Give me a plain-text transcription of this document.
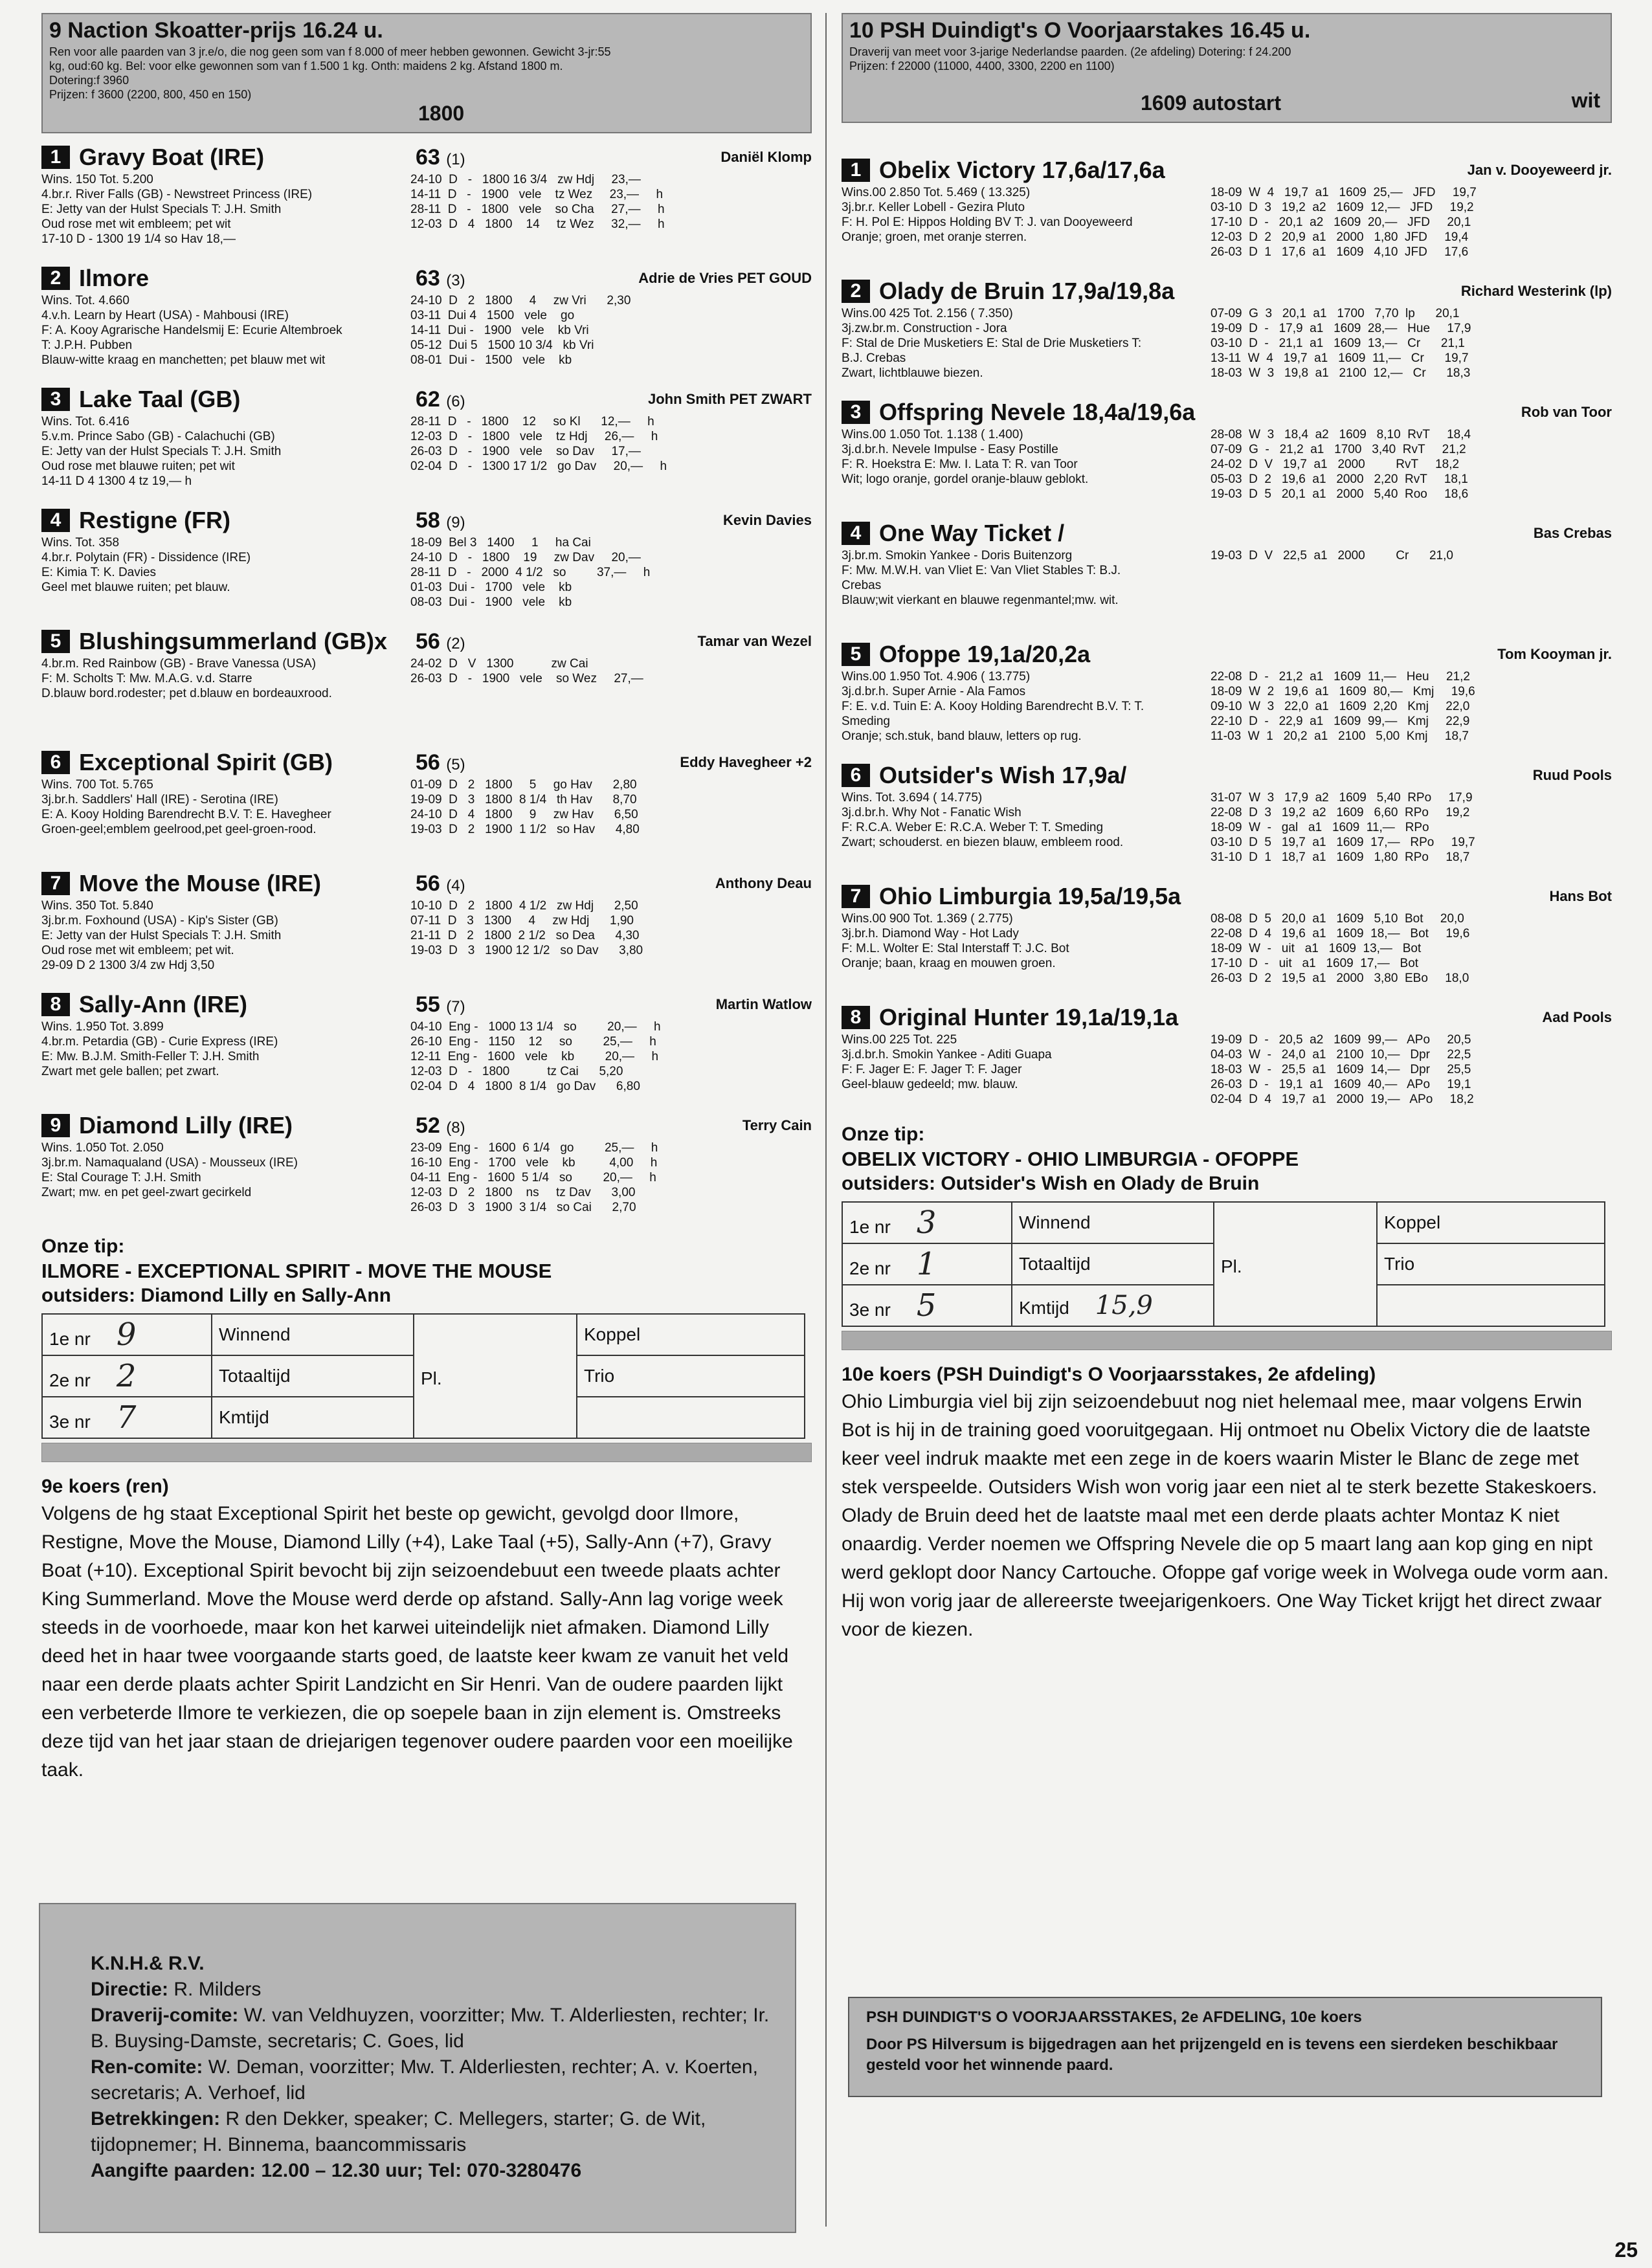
9 Naction Skoatter-prijs 16.24 u.
Ren voor alle paarden van 3 jr.e/o, die nog geen som van f 8.000 of meer hebben gewonnen. Gewicht 3-jr:55
kg, oud:60 kg. Bel: voor elke gewonnen som van f 1.500 1 kg. Onth: maidens 2 kg. Afstand 1800 m.
Dotering:f 3960
Prijzen: f 3600 (2200, 800, 450 en 150)
1800
1 Gravy Boat (IRE)	63 (1)	Daniël Klomp
Wins. 150 Tot. 5.200
4.br.r. River Falls (GB) - Newstreet Princess (IRE)
E: Jetty van der Hulst Specials T: J.H. Smith
Oud rose met wit embleem; pet wit
17-10 D - 1300 19 1/4 so Hav 18,—
24-10  D   -   1800 16 3/4   zw Hdj     23,—
14-11  D   -   1900   vele    tz Wez     23,—     h
28-11  D   -   1800   vele    so Cha     27,—     h
12-03  D   4   1800    14     tz Wez     32,—     h
2 Ilmore	63 (3)	Adrie de Vries PET GOUD
Wins. Tot. 4.660
4.v.h. Learn by Heart (USA) - Mahbousi (IRE)
F: A. Kooy Agrarische Handelsmij E: Ecurie Altembroek
T: J.P.H. Pubben
Blauw-witte kraag en manchetten; pet blauw met wit
24-10  D   2   1800     4     zw Vri      2,30
03-11  Dui 4   1500   vele    go
14-11  Dui -   1900   vele    kb Vri
05-12  Dui 5   1500 10 3/4   kb Vri
08-01  Dui -   1500   vele    kb
3 Lake Taal (GB)	62 (6)	John Smith PET ZWART
Wins. Tot. 6.416
5.v.m. Prince Sabo (GB) - Calachuchi (GB)
E: Jetty van der Hulst Specials T: J.H. Smith
Oud rose met blauwe ruiten; pet wit
14-11 D 4 1300 4 tz 19,— h
28-11  D   -   1800    12     so Kl      12,—     h
12-03  D   -   1800   vele    tz Hdj     26,—     h
26-03  D   -   1900   vele    so Dav     17,—
02-04  D   -   1300 17 1/2   go Dav     20,—     h
4 Restigne (FR)	58 (9)	Kevin Davies
Wins. Tot. 358
4.br.r. Polytain (FR) - Dissidence (IRE)
E: Kimia T: K. Davies
Geel met blauwe ruiten; pet blauw.
18-09  Bel 3   1400     1     ha Cai
24-10  D   -   1800    19     zw Dav     20,—
28-11  D   -   2000  4 1/2   so         37,—     h
01-03  Dui -   1700   vele    kb
08-03  Dui -   1900   vele    kb
5 Blushingsummerland (GB)x	56 (2)	Tamar van Wezel
4.br.m. Red Rainbow (GB) - Brave Vanessa (USA)
F: M. Scholts T: Mw. M.A.G. v.d. Starre
D.blauw bord.rodester; pet d.blauw en bordeauxrood.
24-02  D   V   1300           zw Cai
26-03  D   -   1900   vele    so Wez     27,—
6 Exceptional Spirit (GB)	56 (5)	Eddy Havegheer +2
Wins. 700 Tot. 5.765
3j.br.h. Saddlers' Hall (IRE) - Serotina (IRE)
E: A. Kooy Holding Barendrecht B.V. T: E. Havegheer
Groen-geel;emblem geelrood,pet geel-groen-rood.
01-09  D   2   1800     5     go Hav      2,80
19-09  D   3   1800  8 1/4   th Hav      8,70
24-10  D   4   1800     9     zw Hav      6,50
19-03  D   2   1900  1 1/2   so Hav      4,80
7 Move the Mouse (IRE)	56 (4)	Anthony Deau
Wins. 350 Tot. 5.840
3j.br.m. Foxhound (USA) - Kip's Sister (GB)
E: Jetty van der Hulst Specials T: J.H. Smith
Oud rose met wit embleem; pet wit.
29-09 D 2 1300 3/4 zw Hdj 3,50
10-10  D   2   1800  4 1/2   zw Hdj      2,50
07-11  D   3   1300     4     zw Hdj      1,90
21-11  D   2   1800  2 1/2   so Dea      4,30
19-03  D   3   1900 12 1/2   so Dav      3,80
8 Sally-Ann (IRE)	55 (7)	Martin Watlow
Wins. 1.950 Tot. 3.899
4.br.m. Petardia (GB) - Curie Express (IRE)
E: Mw. B.J.M. Smith-Feller T: J.H. Smith
Zwart met gele ballen; pet zwart.
04-10  Eng -   1000 13 1/4   so         20,—     h
26-10  Eng -   1150    12     so         25,—     h
12-11  Eng -   1600   vele    kb         20,—     h
12-03  D   -   1800           tz Cai      5,20
02-04  D   4   1800  8 1/4   go Dav      6,80
9 Diamond Lilly (IRE)	52 (8)	Terry Cain
Wins. 1.050 Tot. 2.050
3j.br.m. Namaqualand (USA) - Mousseux (IRE)
E: Stal Courage T: J.H. Smith
Zwart; mw. en pet geel-zwart gecirkeld
23-09  Eng -   1600  6 1/4   go         25,—     h
16-10  Eng -   1700   vele    kb          4,00     h
04-11  Eng -   1600  5 1/4   so         20,—     h
12-03  D   2   1800    ns     tz Dav      3,00
26-03  D   3   1900  3 1/4   so Cai      2,70
Onze tip:
ILMORE - EXCEPTIONAL SPIRIT - MOVE THE MOUSE
outsiders: Diamond Lilly en Sally-Ann
1e nr 9	Winnend	Pl.	Koppel
2e nr 2	Totaaltijd		Trio
3e nr 7	Kmtijd		
9e koers (ren)
Volgens de hg staat Exceptional Spirit het beste op gewicht, gevolgd door Ilmore, Restigne, Move the Mouse, Diamond Lilly (+4), Lake Taal (+5), Sally-Ann (+7), Gravy Boat (+10). Exceptional Spirit bevocht bij zijn seizoendebuut een tweede plaats achter King Summerland. Move the Mouse werd derde op afstand. Sally-Ann lag vorige week steeds in de voorhoede, maar kon het karwei uiteindelijk niet afmaken. Diamond Lilly deed het in haar twee voorgaande starts goed, de laatste keer kwam ze vanuit het veld naar een derde plaats achter Spirit Landzicht en Sir Henri. Van de oudere paarden lijkt een verbeterde Ilmore te verkiezen, die op soepele baan in zijn element is. Omstreeks deze tijd van het jaar staan de driejarigen tegenover oudere paarden voor een moeilijke taak.
10 PSH Duindigt's O Voorjaarstakes 16.45 u.
Draverij van meet voor 3-jarige Nederlandse paarden. (2e afdeling) Dotering: f 24.200
Prijzen: f 22000 (11000, 4400, 3300, 2200 en 1100)
1609 autostart	wit
1 Obelix Victory 17,6a/17,6a	Jan v. Dooyeweerd jr.
Wins.00 2.850 Tot. 5.469 ( 13.325)
3j.br.r. Keller Lobell - Gezira Pluto
F: H. Pol E: Hippos Holding BV T: J. van Dooyeweerd
Oranje; groen, met oranje sterren.
18-09  W  4   19,7  a1   1609  25,—   JFD     19,7
03-10  D  3   19,2  a2   1609  12,—   JFD     19,2
17-10  D  -   20,1  a2   1609  20,—   JFD     20,1
12-03  D  2   20,9  a1   2000   1,80  JFD     19,4
26-03  D  1   17,6  a1   1609   4,10  JFD     17,6
2 Olady de Bruin 17,9a/19,8a	Richard Westerink (lp)
Wins.00 425 Tot. 2.156 ( 7.350)
3j.zw.br.m. Construction - Jora
F: Stal de Drie Musketiers E: Stal de Drie Musketiers T:
B.J. Crebas
Zwart, lichtblauwe biezen.
07-09  G  3   20,1  a1   1700   7,70  lp      20,1
19-09  D  -   17,9  a1   1609  28,—   Hue     17,9
03-10  D  -   21,1  a1   1609  13,—   Cr      21,1
13-11  W  4   19,7  a1   1609  11,—   Cr      19,7
18-03  W  3   19,8  a1   2100  12,—   Cr      18,3
3 Offspring Nevele 18,4a/19,6a	Rob van Toor
Wins.00 1.050 Tot. 1.138 ( 1.400)
3j.d.br.h. Nevele Impulse - Easy Postille
F: R. Hoekstra E: Mw. I. Lata T: R. van Toor
Wit; logo oranje, gordel oranje-blauw geblokt.
28-08  W  3   18,4  a2   1609   8,10  RvT     18,4
07-09  G  -   21,2  a1   1700   3,40  RvT     21,2
24-02  D  V   19,7  a1   2000         RvT     18,2
05-03  D  2   19,6  a1   2000   2,20  RvT     18,1
19-03  D  5   20,1  a1   2000   5,40  Roo     18,6
4 One Way Ticket /	Bas Crebas
3j.br.m. Smokin Yankee - Doris Buitenzorg
F: Mw. M.W.H. van Vliet E: Van Vliet Stables T: B.J.
Crebas
Blauw;wit vierkant en blauwe regenmantel;mw. wit.
19-03  D  V   22,5  a1   2000         Cr      21,0
5 Ofoppe 19,1a/20,2a	Tom Kooyman jr.
Wins.00 1.950 Tot. 4.906 ( 13.775)
3j.d.br.h. Super Arnie - Ala Famos
F: E. v.d. Tuin E: A. Kooy Holding Barendrecht B.V. T: T.
Smeding
Oranje; sch.stuk, band blauw, letters op rug.
22-08  D  -   21,2  a1   1609  11,—   Heu     21,2
18-09  W  2   19,6  a1   1609  80,—   Kmj     19,6
09-10  W  3   22,0  a1   1609  2,20   Kmj     22,0
22-10  D  -   22,9  a1   1609  99,—   Kmj     22,9
11-03  W  1   20,2  a1   2100   5,00  Kmj     18,7
6 Outsider's Wish 17,9a/	Ruud Pools
Wins. Tot. 3.694 ( 14.775)
3j.d.br.h. Why Not - Fanatic Wish
F: R.C.A. Weber E: R.C.A. Weber T: T. Smeding
Zwart; schouderst. en biezen blauw, embleem rood.
31-07  W  3   17,9  a2   1609   5,40  RPo     17,9
22-08  D  3   19,2  a2   1609   6,60  RPo     19,2
18-09  W  -   gal   a1   1609  11,—   RPo
03-10  D  5   19,7  a1   1609  17,—   RPo     19,7
31-10  D  1   18,7  a1   1609   1,80  RPo     18,7
7 Ohio Limburgia 19,5a/19,5a	Hans Bot
Wins.00 900 Tot. 1.369 ( 2.775)
3j.br.h. Diamond Way - Hot Lady
F: M.L. Wolter E: Stal Interstaff T: J.C. Bot
Oranje; baan, kraag en mouwen groen.
08-08  D  5   20,0  a1   1609   5,10  Bot     20,0
22-08  D  4   19,6  a1   1609  18,—   Bot     19,6
18-09  W  -   uit   a1   1609  13,—   Bot
17-10  D  -   uit   a1   1609  17,—   Bot
26-03  D  2   19,5  a1   2000   3,80  EBo     18,0
8 Original Hunter 19,1a/19,1a	Aad Pools
Wins.00 225 Tot. 225
3j.d.br.h. Smokin Yankee - Aditi Guapa
F: F. Jager E: F. Jager T: F. Jager
Geel-blauw gedeeld; mw. blauw.
19-09  D  -   20,5  a2   1609  99,—   APo     20,5
04-03  W  -   24,0  a1   2100  10,—   Dpr     22,5
18-03  W  -   25,5  a1   1609  14,—   Dpr     25,5
26-03  D  -   19,1  a1   1609  40,—   APo     19,1
02-04  D  4   19,7  a1   2000  19,—   APo     18,2
Onze tip:
OBELIX VICTORY - OHIO LIMBURGIA - OFOPPE
outsiders: Outsider's Wish en Olady de Bruin
1e nr 3	Winnend	Pl.	Koppel
2e nr 1	Totaaltijd		Trio
3e nr 5	Kmtijd 15,9		
10e koers (PSH Duindigt's O Voorjaarsstakes, 2e afdeling)
Ohio Limburgia viel bij zijn seizoendebuut nog niet helemaal mee, maar volgens Erwin Bot is hij in de training goed vooruitgegaan. Hij ontmoet nu Obelix Victory die de laatste keer veel indruk maakte met een zege in de koers waarin Mister le Blanc de zege met stek verspeelde. Outsiders Wish won vorig jaar een niet al te sterk bezette Stakeskoers. Olady de Bruin deed het de laatste maal met een derde plaats achter Montaz K niet onaardig. Verder noemen we Offspring Nevele die op 5 maart lang aan kop ging en nipt werd geklopt door Nancy Cartouche. Ofoppe gaf vorige week in Wolvega oude vorm aan. Hij won vorig jaar de allereerste tweejarigenkoers. One Way Ticket krijgt het direct zwaar voor de kiezen.
K.N.H.& R.V.
Directie: R. Milders
Draverij-comite: W. van Veldhuyzen, voorzitter; Mw. T. Alderliesten, rechter; Ir. B. Buysing-Damste, secretaris; C. Goes, lid
Ren-comite: W. Deman, voorzitter; Mw. T. Alderliesten, rechter; A. v. Koerten, secretaris; A. Verhoef, lid
Betrekkingen: R den Dekker, speaker; C. Mellegers, starter; G. de Wit, tijdopnemer; H. Binnema, baancommissaris
Aangifte paarden: 12.00 – 12.30 uur; Tel: 070-3280476
PSH DUINDIGT'S O VOORJAARSSTAKES, 2e AFDELING, 10e koers
Door PS Hilversum is bijgedragen aan het prijzengeld en is tevens een sierdeken beschikbaar gesteld voor het winnende paard.
25
